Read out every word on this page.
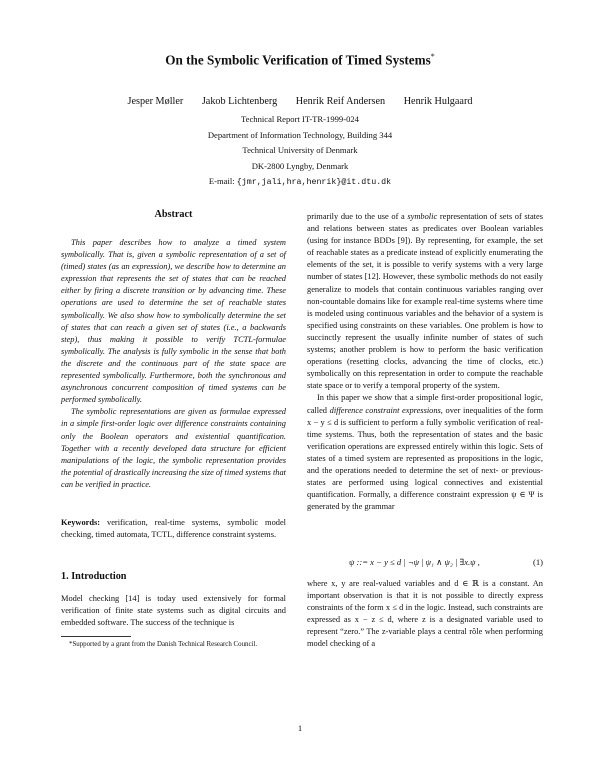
On the Symbolic Verification of Timed Systems*
Jesper Møller Jakob Lichtenberg Henrik Reif Andersen Henrik Hulgaard
Technical Report IT-TR-1999-024
Department of Information Technology, Building 344
Technical University of Denmark
DK-2800 Lyngby, Denmark
E-mail: {jmr,jali,hra,henrik}@it.dtu.dk
Abstract

This paper describes how to analyze a timed system symbolically. That is, given a symbolic representation of a set of (timed) states (as an expression), we describe how to determine an expression that represents the set of states that can be reached either by firing a discrete transition or by advancing time. These operations are used to determine the set of reachable states symbolically. We also show how to symbolically determine the set of states that can reach a given set of states (i.e., a backwards step), thus making it possible to verify TCTL-formulae symbolically. The analysis is fully symbolic in the sense that both the discrete and the continuous part of the state space are represented symbolically. Furthermore, both the synchronous and asynchronous concurrent composition of timed systems can be performed symbolically.

The symbolic representations are given as formulae expressed in a simple first-order logic over difference constraints containing only the Boolean operators and existential quantification. Together with a recently developed data structure for efficient manipulations of the logic, the symbolic representation provides the potential of drastically increasing the size of timed systems that can be verified in practice.

Keywords: verification, real-time systems, symbolic model checking, timed automata, TCTL, difference constraint systems.
1. Introduction
Model checking [14] is today used extensively for formal verification of finite state systems such as digital circuits and embedded software. The success of the technique is
*Supported by a grant from the Danish Technical Research Council.

primarily due to the use of a symbolic representation of sets of states and relations between states as predicates over Boolean variables (using for instance BDDs [9]). By representing, for example, the set of reachable states as a predicate instead of explicitly enumerating the elements of the set, it is possible to verify systems with a very large number of states [12]. However, these symbolic methods do not easily generalize to models that contain continuous variables ranging over non-countable domains like for example real-time systems where time is modeled using continuous variables and the behavior of a system is specified using constraints on these variables. One problem is how to succinctly represent the usually infinite number of states of such systems; another problem is how to perform the basic verification operations (resetting clocks, advancing the time of clocks, etc.) symbolically on this representation in order to compute the reachable state space or to verify a temporal property of the system.

In this paper we show that a simple first-order propositional logic, called difference constraint expressions, over inequalities of the form x − y ≤ d is sufficient to perform a fully symbolic verification of real-time systems. Thus, both the representation of states and the basic verification operations are expressed entirely within this logic. Sets of states of a timed system are represented as propositions in the logic, and the operations needed to determine the set of next- or previous-states are performed using logical connectives and existential quantification. Formally, a difference constraint expression ψ ∈ Ψ is generated by the grammar

ψ ::= x − y ≤ d | ¬ψ | ψ₁ ∧ ψ₂ | ∃x.ψ ,	(1)
where x, y are real-valued variables and d ∈ ℝ is a constant. An important observation is that it is not possible to directly express constraints of the form x ≤ d in the logic. Instead, such constraints are expressed as x − z ≤ d, where z is a designated variable used to represent “zero.” The z-variable plays a central rôle when performing model checking of a
1
